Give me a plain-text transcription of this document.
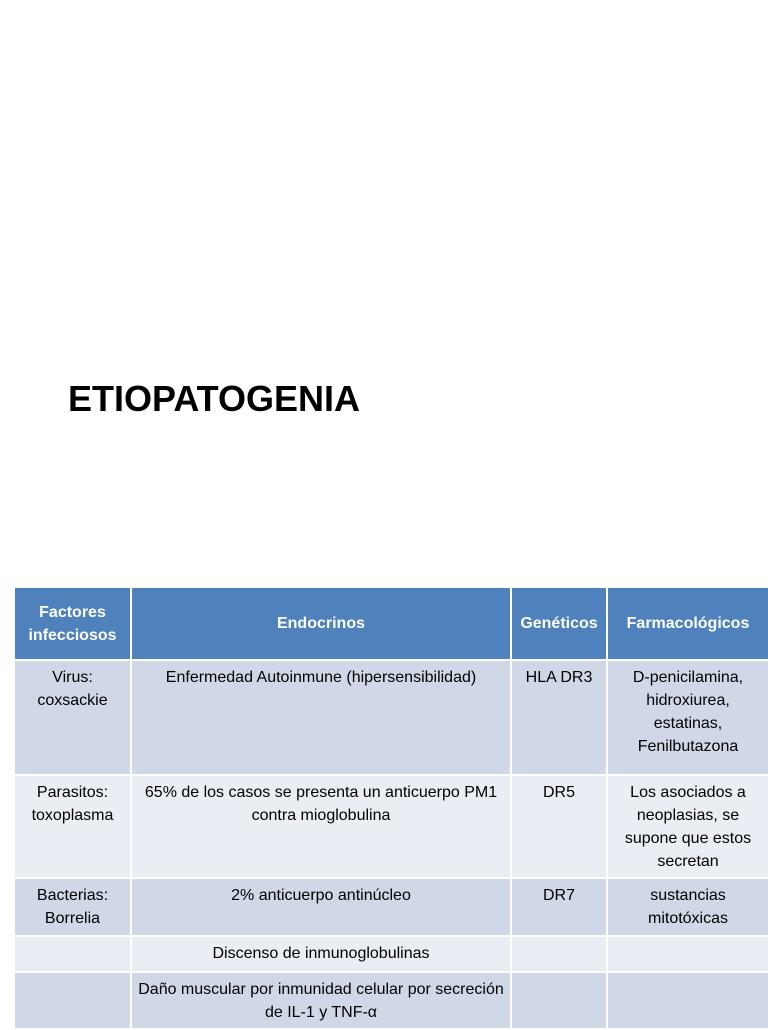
ETIOPATOGENIA
Factores infecciosos	Endocrinos	Genéticos	Farmacológicos
Virus: coxsackie	Enfermedad Autoinmune (hipersensibilidad)	HLA DR3	D-penicilamina, hidroxiurea, estatinas, Fenilbutazona
Parasitos: toxoplasma	65% de los casos se presenta un anticuerpo PM1 contra mioglobulina	DR5	Los asociados a neoplasias, se supone que estos secretan
Bacterias: Borrelia	2% anticuerpo antinúcleo	DR7	sustancias mitotóxicas
	Discenso de inmunoglobulinas		
	Daño muscular por inmunidad celular por secreción de IL-1 y TNF-α		
